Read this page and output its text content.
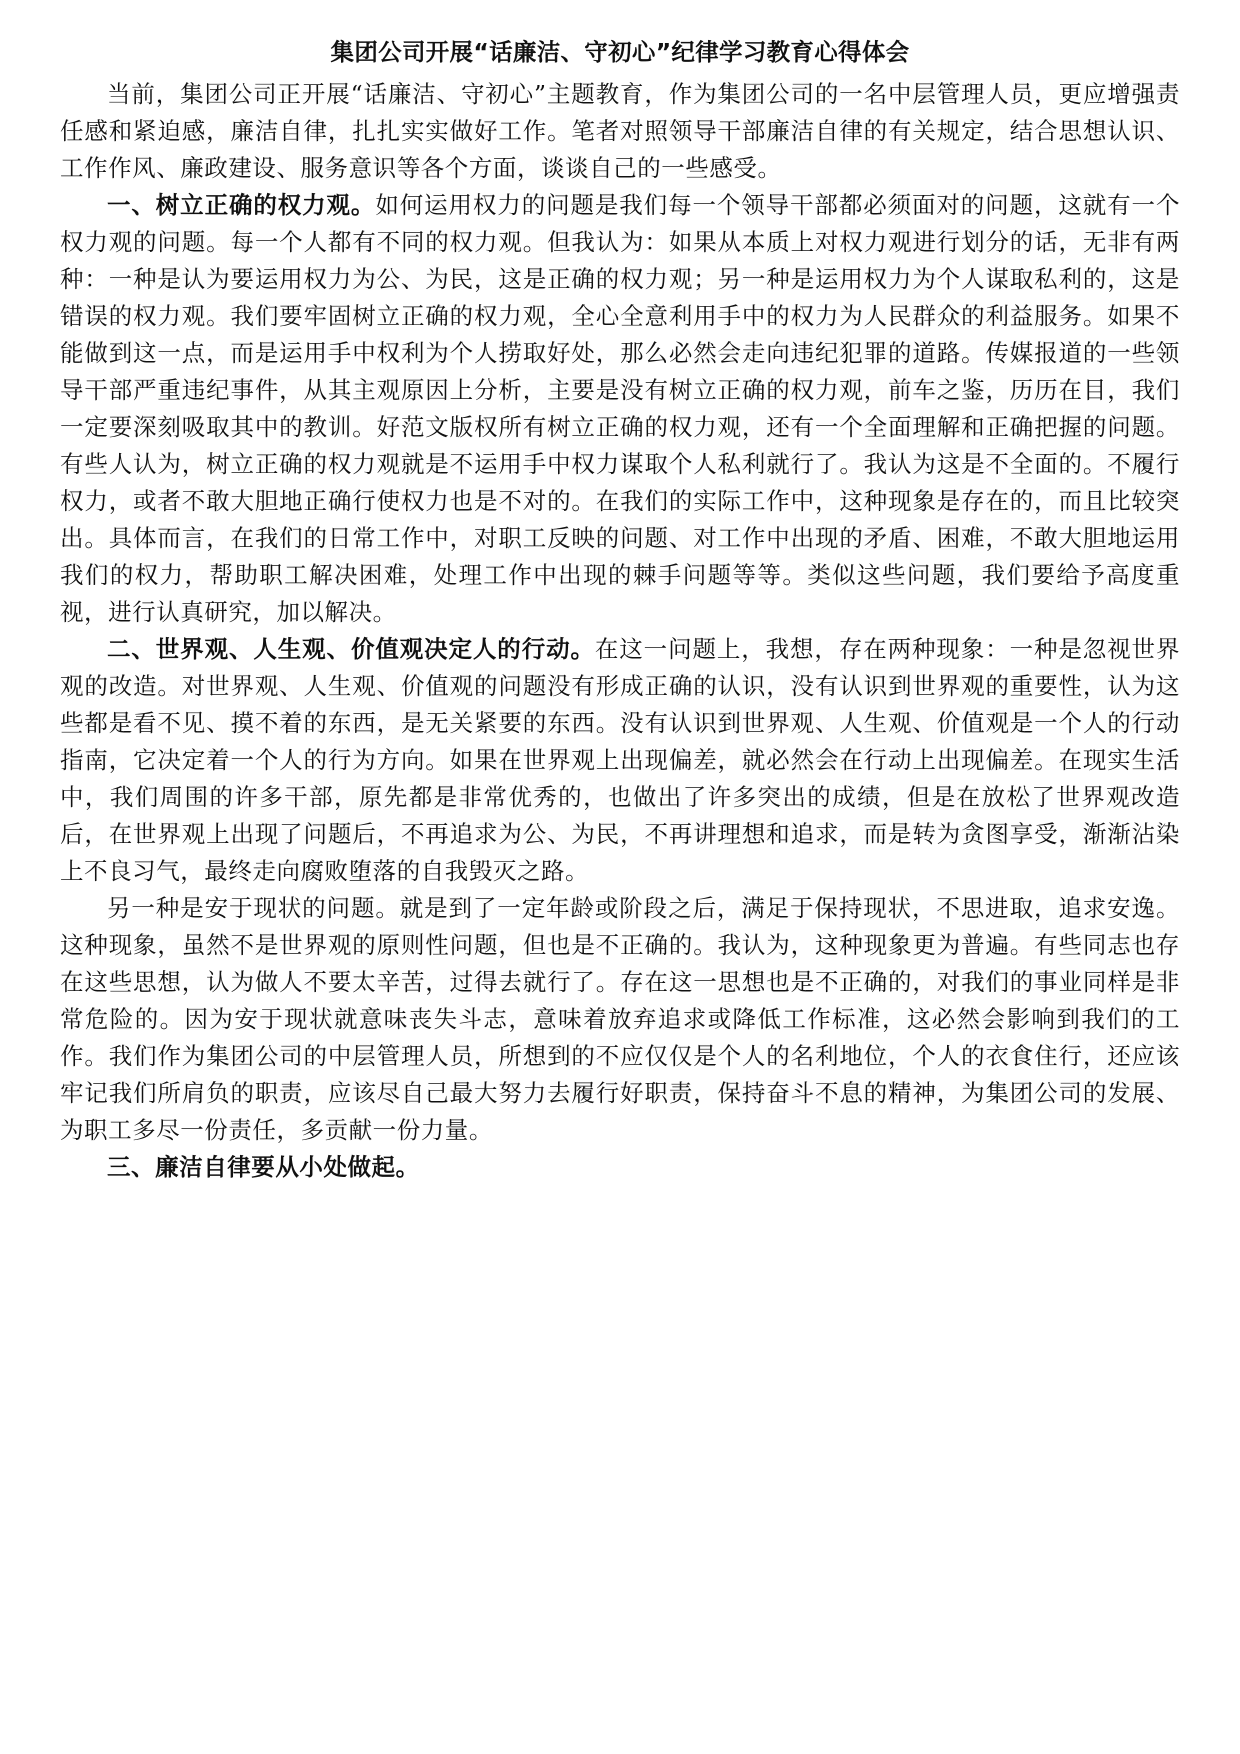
集团公司开展“话廉洁、守初心”纪律学习教育心得体会

当前，集团公司正开展“话廉洁、守初心”主题教育，作为集团公司的一名中层管理人员，更应增强责任感和紧迫感，廉洁自律，扎扎实实做好工作。笔者对照领导干部廉洁自律的有关规定，结合思想认识、工作作风、廉政建设、服务意识等各个方面，谈谈自己的一些感受。

一、树立正确的权力观。如何运用权力的问题是我们每一个领导干部都必须面对的问题，这就有一个权力观的问题。每一个人都有不同的权力观。但我认为：如果从本质上对权力观进行划分的话，无非有两种：一种是认为要运用权力为公、为民，这是正确的权力观；另一种是运用权力为个人谋取私利的，这是错误的权力观。我们要牢固树立正确的权力观，全心全意利用手中的权力为人民群众的利益服务。如果不能做到这一点，而是运用手中权利为个人捞取好处，那么必然会走向违纪犯罪的道路。传媒报道的一些领导干部严重违纪事件，从其主观原因上分析，主要是没有树立正确的权力观，前车之鉴，历历在目，我们一定要深刻吸取其中的教训。好范文版权所有树立正确的权力观，还有一个全面理解和正确把握的问题。有些人认为，树立正确的权力观就是不运用手中权力谋取个人私利就行了。我认为这是不全面的。不履行权力，或者不敢大胆地正确行使权力也是不对的。在我们的实际工作中，这种现象是存在的，而且比较突出。具体而言，在我们的日常工作中，对职工反映的问题、对工作中出现的矛盾、困难，不敢大胆地运用我们的权力，帮助职工解决困难，处理工作中出现的棘手问题等等。类似这些问题，我们要给予高度重视，进行认真研究，加以解决。

二、世界观、人生观、价值观决定人的行动。在这一问题上，我想，存在两种现象：一种是忽视世界观的改造。对世界观、人生观、价值观的问题没有形成正确的认识，没有认识到世界观的重要性，认为这些都是看不见、摸不着的东西，是无关紧要的东西。没有认识到世界观、人生观、价值观是一个人的行动指南，它决定着一个人的行为方向。如果在世界观上出现偏差，就必然会在行动上出现偏差。在现实生活中，我们周围的许多干部，原先都是非常优秀的，也做出了许多突出的成绩，但是在放松了世界观改造后，在世界观上出现了问题后，不再追求为公、为民，不再讲理想和追求，而是转为贪图享受，渐渐沾染上不良习气，最终走向腐败堕落的自我毁灭之路。

另一种是安于现状的问题。就是到了一定年龄或阶段之后，满足于保持现状，不思进取，追求安逸。这种现象，虽然不是世界观的原则性问题，但也是不正确的。我认为，这种现象更为普遍。有些同志也存在这些思想，认为做人不要太辛苦，过得去就行了。存在这一思想也是不正确的，对我们的事业同样是非常危险的。因为安于现状就意味丧失斗志，意味着放弃追求或降低工作标准，这必然会影响到我们的工作。我们作为集团公司的中层管理人员，所想到的不应仅仅是个人的名利地位，个人的衣食住行，还应该牢记我们所肩负的职责，应该尽自己最大努力去履行好职责，保持奋斗不息的精神，为集团公司的发展、为职工多尽一份责任，多贡献一份力量。

三、廉洁自律要从小处做起。
